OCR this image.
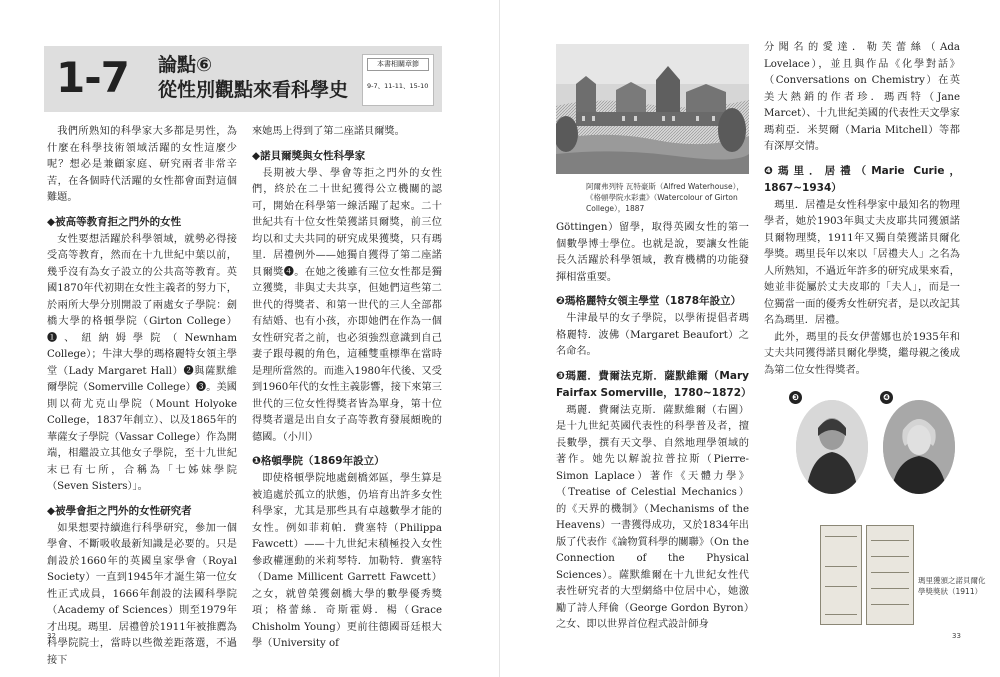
1-7 論點⑥
從性別觀點來看科學史
本書相關章節
9-7、11-11、15-10

我們所熟知的科學家大多都是男性，為什麼在科學技術領域活躍的女性這麼少呢？想必是兼顧家庭、研究兩者非常辛苦，在各個時代活躍的女性都會面對這個難題。

◆被高等教育拒之門外的女性

女性要想活躍於科學領域，就勢必得接受高等教育，然而在十九世紀中葉以前，幾乎沒有為女子設立的公共高等教育。英國1870年代初期在女性主義者的努力下，於兩所大學分別開設了兩處女子學院：劍橋大學的格頓學院（Girton College）❶、紐納姆學院（Newnham College）；牛津大學的瑪格麗特女領主學堂（Lady Margaret Hall）❷與薩默維爾學院（Somerville College）❸。美國則以荷尤克山學院（Mount Holyoke College，1837年創立）、以及1865年的華薩女子學院（Vassar College）作為開端，相繼設立其他女子學院，至十九世紀末已有七所，合稱為「七姊妹學院（Seven Sisters）」。

◆被學會拒之門外的女性研究者

如果想要持續進行科學研究，參加一個學會、不斷吸收最新知識是必要的。只是創設於1660年的英國皇家學會（Royal Society）一直到1945年才誕生第一位女性正式成員，1666年創設的法國科學院（Academy of Sciences）則至1979年才出現。瑪里．居禮曾於1911年被推薦為科學院院士，當時以些微差距落選，不過接下

來她馬上得到了第二座諾貝爾獎。

◆諾貝爾獎與女性科學家

長期被大學、學會等拒之門外的女性們，終於在二十世紀獲得公立機關的認可，開始在科學第一線活躍了起來。二十世紀共有十位女性榮獲諾貝爾獎，前三位均以和丈夫共同的研究成果獲獎，只有瑪里．居禮例外——她獨自獲得了第二座諾貝爾獎❹。在她之後雖有三位女性都是獨立獲獎，非與丈夫共享，但她們這些第二世代的得獎者、和第一世代的三人全部都有結婚、也有小孩，亦即她們在作為一個女性研究者之前，也必須強烈意識到自己妻子跟母親的角色，這種雙重標準在當時是理所當然的。而進入1980年代後、又受到1960年代的女性主義影響，接下來第三世代的三位女性得獎者皆為單身，第十位得獎者還是出自女子高等教育發展頗晚的德國。（小川）

❶格頓學院（1869年設立）

即使格頓學院地處劍橋郊區，學生算是被追處於孤立的狀態，仍培育出許多女性科學家，尤其是那些具有卓越數學才能的女性。例如菲莉帕．費塞特（Philippa Fawcett）——十九世紀末積極投入女性參政權運動的米莉琴特．加勒特．費塞特（Dame Millicent Garrett Fawcett）之女，就曾榮獲劍橋大學的數學優秀獎項；格蕾絲．奇斯霍姆．楊（Grace Chisholm Young）更前往德國哥廷根大學（University of

32
阿爾弗列特 瓦特豪斯（Alfred Waterhouse），《格頓學院水彩畫》（Watercolour of Girton College），1887

Göttingen）留學，取得英國女性的第一個數學博士學位。也就是說，要讓女性能長久活躍於科學領域，教育機構的功能發揮相當重要。

❷瑪格麗特女領主學堂（1878年設立）

牛津最早的女子學院，以學術提倡者瑪格麗特．波佛（Margaret Beaufort）之名命名。

❸瑪麗．費爾法克斯．薩默維爾（Mary Fairfax Somerville，1780~1872）

瑪麗．費爾法克斯．薩默維爾（右圖）是十九世紀英國代表性的科學普及者，擅長數學，撰有天文學、自然地理學領域的著作。她先以解說拉普拉斯（Pierre-Simon Laplace）著作《天體力學》（Treatise of Celestial Mechanics）的《天界的機制》（Mechanisms of the Heavens）一書獲得成功，又於1834年出版了代表作《論物質科學的關聯》（On the Connection of the Physical Sciences）。薩默維爾在十九世紀女性代表性研究者的大型網絡中位居中心，她激勵了詩人拜倫（George Gordon Byron）之女、即以世界首位程式設計師身

分聞名的愛達．勒芙蕾絲（Ada Lovelace），並且與作品《化學對話》（Conversations on Chemistry）在英美大熱銷的作者珍．瑪西特（Jane Marcet）、十九世紀美國的代表性天文學家瑪莉亞．米契爾（Maria Mitchell）等都有深厚交情。

❹瑪里．居禮（Marie Curie，1867~1934）

瑪里．居禮是女性科學家中最知名的物理學者，她於1903年與丈夫皮耶共同獲頒諾貝爾物理獎，1911年又獨自榮獲諾貝爾化學獎。瑪里長年以來以「居禮夫人」之名為人所熟知，不過近年許多的研究成果來看，她並非從屬於丈夫皮耶的「夫人」，而是一位獨當一面的優秀女性研究者，是以改記其名為瑪里．居禮。

此外，瑪里的長女伊蕾娜也於1935年和丈夫共同獲得諾貝爾化學獎，繼母親之後成為第二位女性得獎者。

❸	❹
瑪里獲頒之諾貝爾化學獎獎狀（1911）
33
